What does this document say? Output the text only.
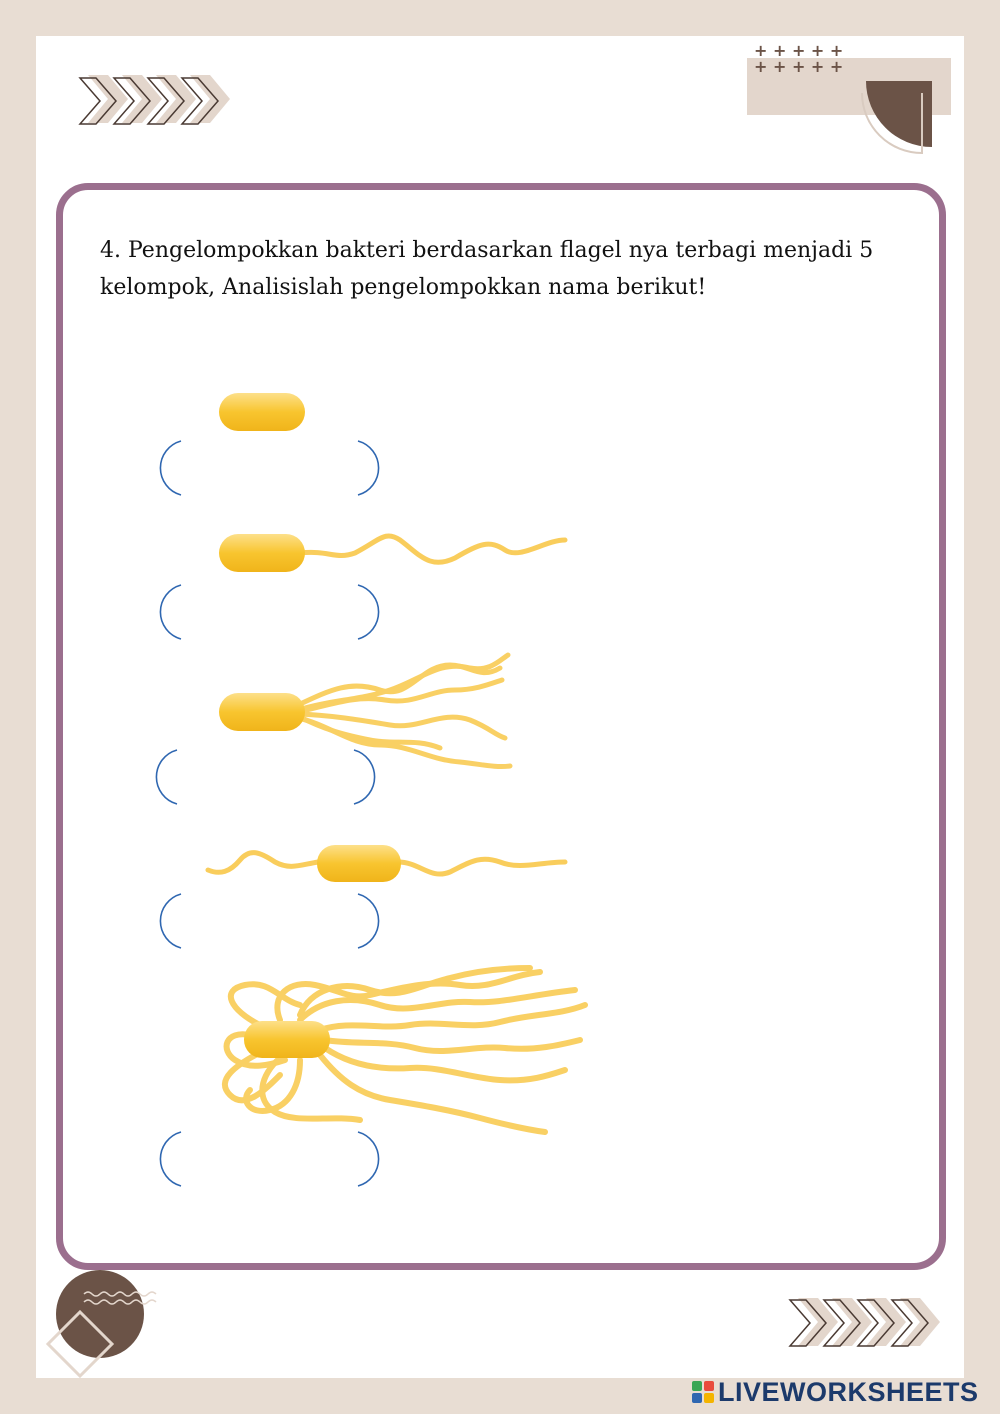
4. Pengelompokkan bakteri berdasarkan flagel nya terbagi menjadi 5 kelompok, Analisislah pengelompokkan nama berikut!
+ + + + +
+ + + + +
LIVEWORKSHEETS
